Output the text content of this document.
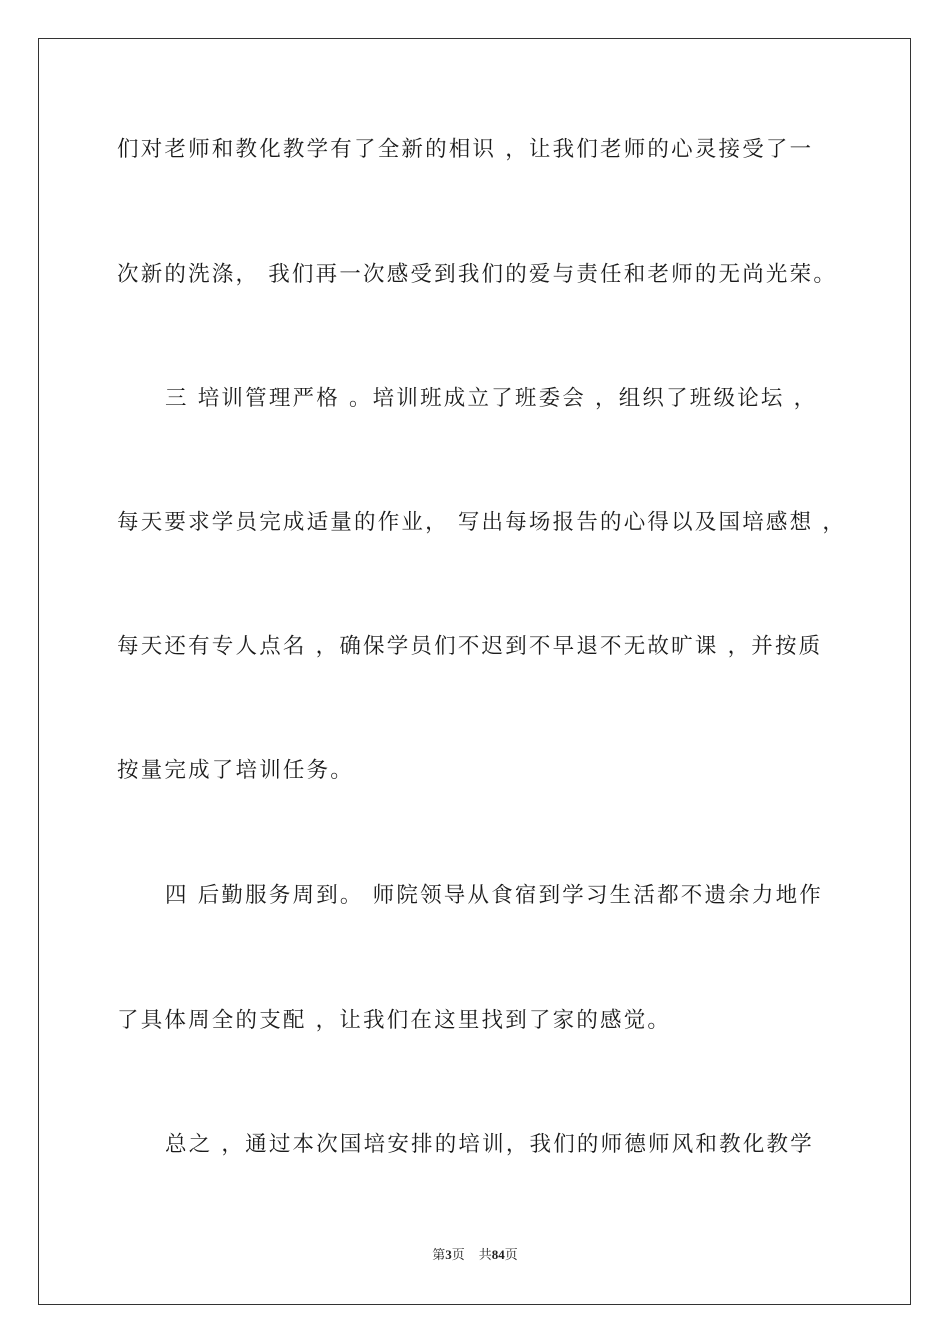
们对老师和教化教学有了全新的相识 ，让我们老师的心灵接受了一
次新的洗涤， 我们再一次感受到我们的爱与责任和老师的无尚光荣。
三 培训管理严格 。培训班成立了班委会 ，组织了班级论坛 ，
每天要求学员完成适量的作业， 写出每场报告的心得以及国培感想 ，
每天还有专人点名 ，确保学员们不迟到不早退不无故旷课 ，并按质
按量完成了培训任务。
四 后勤服务周到。 师院领导从食宿到学习生活都不遗余力地作
了具体周全的支配 ，让我们在这里找到了家的感觉。
总之 ，通过本次国培安排的培训，我们的师德师风和教化教学
第3页 共84页
